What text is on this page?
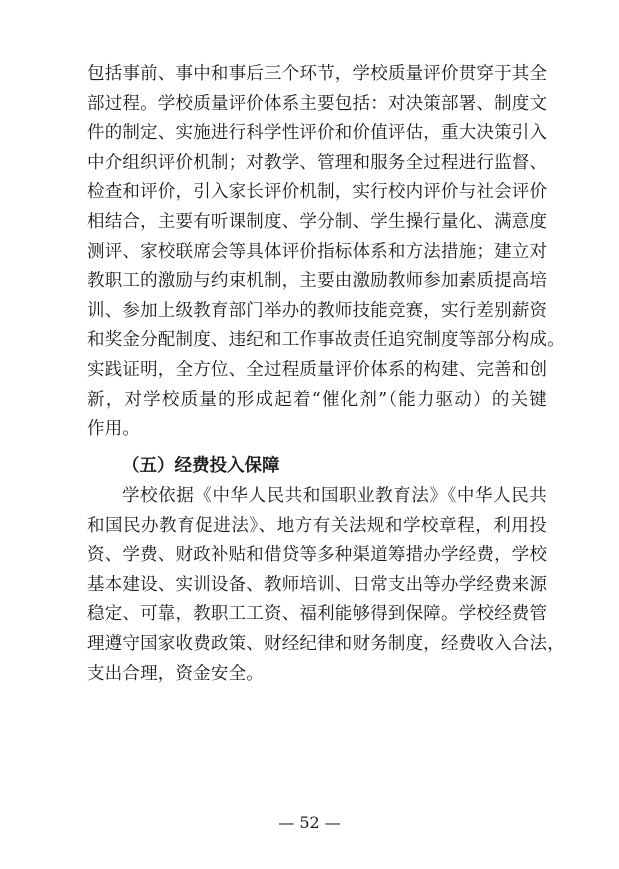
包括事前、事中和事后三个环节，学校质量评价贯穿于其全
部过程。学校质量评价体系主要包括：对决策部署、制度文
件的制定、实施进行科学性评价和价值评估，重大决策引入
中介组织评价机制；对教学、管理和服务全过程进行监督、
检查和评价，引入家长评价机制，实行校内评价与社会评价
相结合，主要有听课制度、学分制、学生操行量化、满意度
测评、家校联席会等具体评价指标体系和方法措施；建立对
教职工的激励与约束机制，主要由激励教师参加素质提高培
训、参加上级教育部门举办的教师技能竞赛，实行差别薪资
和奖金分配制度、违纪和工作事故责任追究制度等部分构成。
实践证明，全方位、全过程质量评价体系的构建、完善和创
新，对学校质量的形成起着“催化剂”（能力驱动）的关键
作用。
（五）经费投入保障
学校依据《中华人民共和国职业教育法》《中华人民共
和国民办教育促进法》、地方有关法规和学校章程，利用投
资、学费、财政补贴和借贷等多种渠道筹措办学经费，学校
基本建设、实训设备、教师培训、日常支出等办学经费来源
稳定、可靠，教职工工资、福利能够得到保障。学校经费管
理遵守国家收费政策、财经纪律和财务制度，经费收入合法，
支出合理，资金安全。
— 52 —
